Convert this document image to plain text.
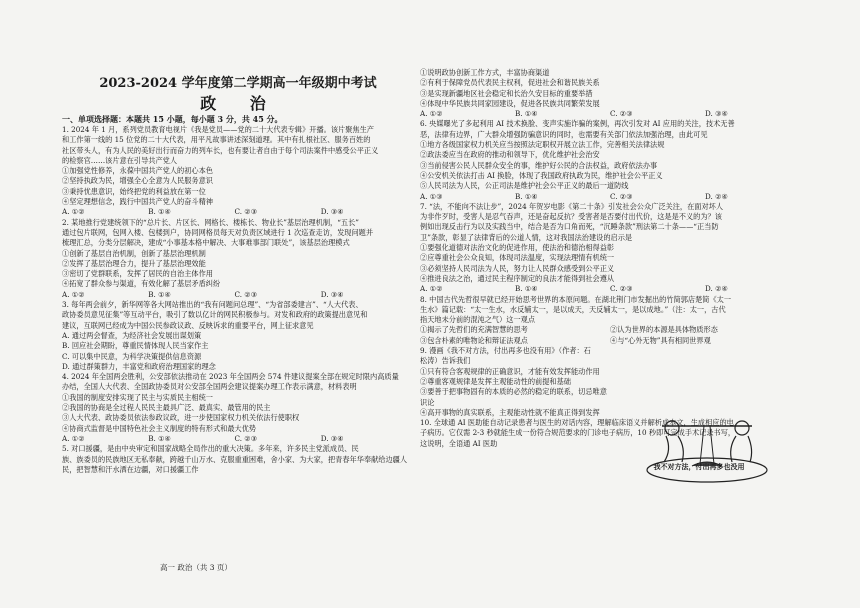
2023-2024 学年度第二学期高一年级期中考试
政 治
一、单项选择题：本题共 15 小题，每小题 3 分，共 45 分。
1. 2024 年 1 月，系列党员教育电视片《我是党员——党的二十大代表专辑》开播。该片聚焦生产
和工作第一线的 15 位党的二十大代表，用平凡故事讲述深刻道理。其中有扎根社区、服务百姓的
社区带头人，有为人民的美好出行而奋力的列车长，也有要让者自由于每个司法案件中感受公平正义
的检察官……该片意在引导共产党人
①加强党性修养，永葆中国共产党人的初心本色
②坚持执政为民，增强全心全意为人民服务意识
③秉持忧患意识，始终把党的利益放在第一位
④坚定理想信念，践行中国共产党人的奋斗精神
A. ①②	B. ①④	C. ②③	D. ③④
2. 某地推行党建统领下的“总片长、片区长、网格长、楼栋长、物业长”基层治理机制，“五长”
通过包片联网，包网入楼、包楼到户，协同网格员每天对负责区域进行 1 次巡查走访，发现问题并
梳理汇总，分类分层解决，建成“小事基本格中解决、大事难事部门联处”，该基层治理模式
①创新了基层自治机制，创新了基层治理机制
②发挥了基层治理合力，提升了基层治理效能
③密切了党群联系，发挥了居民的自治主体作用
④拓宽了群众参与渠道，有效化解了基层矛盾纠纷
A. ①②	B. ①④	C. ②③	D. ③④
3. 每年两会前夕，新华网等各大网站推出的“我有问题问总理”、“为省部委建言”、“人大代表、
政协委员意见征集”等互动平台，吸引了数以亿计的网民积极参与。对发和政府的政策提出意见和
建议，互联网已经成为中国公民参政议政、反映诉求的重要平台，网上征求意见
A. 通过两会督查，为经济社会发展出谋划策
B. 回应社会期盼，尊重民情体现人民当家作主
C. 可以集中民意，为科学决策提供信息资源
D. 通过群策群力，丰富党和政府治理国家的理念
4. 2024 年全国两会胜利，公安部依法推动在 2023 年全国两会 574 件建议提案全部在规定时限内高质量
办结，全国人大代表、全国政协委员对公安部全国两会建议提案办理工作表示满意，材料表明
①我国的制度安排实现了民主与实质民主相统一
②我国的协商是全过程人民民主最具广泛、最真实、最管用的民主
③人大代表、政协委员依法参政议政，进一步使国家权力机关依法行使职权
④协商式监督是中国特色社会主义制度的特有形式和最大优势
A. ①②	B. ①④	C. ②③	D. ③④
5. 对口援疆，是由中央审定和国家战略全局作出的重大决策。多年来，许多民主党派成员、民
族、族委员的民族地区无私奉献，跨越千山万水、克服重重困难，舍小家、为大家，把青春年华奉献给边疆人
民，把智慧和汗水洒在边疆，对口援疆工作
①说明政协创新工作方式，丰富协商渠道
②有利于保障党员代表民主权利，促进社会和谐民族关系
③是实现新疆地区社会稳定和长治久安目标的重要举措
④体现中华民族共同家园建设，促进各民族共同繁荣发展
A. ①②	B. ①④	C. ②③	D. ③④
6. 央媒曝光了多起利用 AI 技术换脸、变声实施诈骗的案例，再次引发对 AI 应用的关注，技术无善
恶，法律有边界，广大群众增强防骗意识的同时，也需要有关部门依法加强治理，由此可见
①地方各级国家权力机关应当按照法定职权开展立法工作，完善相关法律法规
②政法委应当在政府的推动和领导下，优化维护社会治安
③当前侵害公民人民群众安全的事，维护好公民的合法权益，政府依法办事
④公安机关依法打击 AI 换脸，体现了我国政府执政为民，维护社会公平正义
⑤人民司法为人民，公正司法是维护社会公平正义的最后一道防线
A. ①③	B. ①④	C. ②③	D. ②④
7. “法，不能向不法让步”，2024 年贺岁电影《第二十条》引发社会公众广泛关注，在面对坏人
为非作歹时，受害人是忍气吞声，还是奋起反抗？受害者是否要付出代价，这是是不义的为？该
例如出现反击行为以及实践当中，结合是否为口角而死，“沉睡条款”刑法第二十条——“正当防
卫”条款，彰显了法律背后的公道人情，这对我国法治建设的启示是
①要强化道德对法治文化的促进作用，使法治和德治相得益彰
②应尊重社会公众良知，体现司法温度，实现法理情有机统一
③必须坚持人民司法为人民，努力让人民群众感受到公平正义
④推进良法之治，通过民主程序制定的良法才能得到社会遵从
A. ①②	B. ①④	C. ②③	D. ②④
8. 中国古代先哲很早就已经开始思考世界的本原问题。在湖北荆门市发掘出的竹简郭店楚简《太一
生水》篇记载：“太一生水，水反辅太一，是以成天，天反辅太一，是以成地。”（注：太一，古代
指天地未分前的混沌之气）这一观点
①揭示了先哲们的充满智慧的思考	②认为世界的本源是具体物质形态
③包含朴素的唯物论和辩证法观点	④与“心外无物”具有相同世界观
9. 漫画《我不对方法，付出再多也没有用》（作者：石
松涛）告诉我们
①只有符合客观规律的正确意识，才能有效发挥能动作用
②尊重客观规律是发挥主观能动性的前提和基础
③要善于把事物固有的本质的必然的稳定的联系，切忌唯意
识论
④高开事物的真实联系，主观能动性就不能真正得到发挥
10. 全球通 AI 医助能自动记录患者与医生的对话内容，理解临床语义并解析成本文，生成相应的电
子病历。它仅需 2-3 秒就能生成一份符合规范要求的门诊电子病历，10 秒即可完成手术记录书写，
这说明，全语通 AI 医助
我不对方法，付出再多也没用
高一 政治（共 3 页）
